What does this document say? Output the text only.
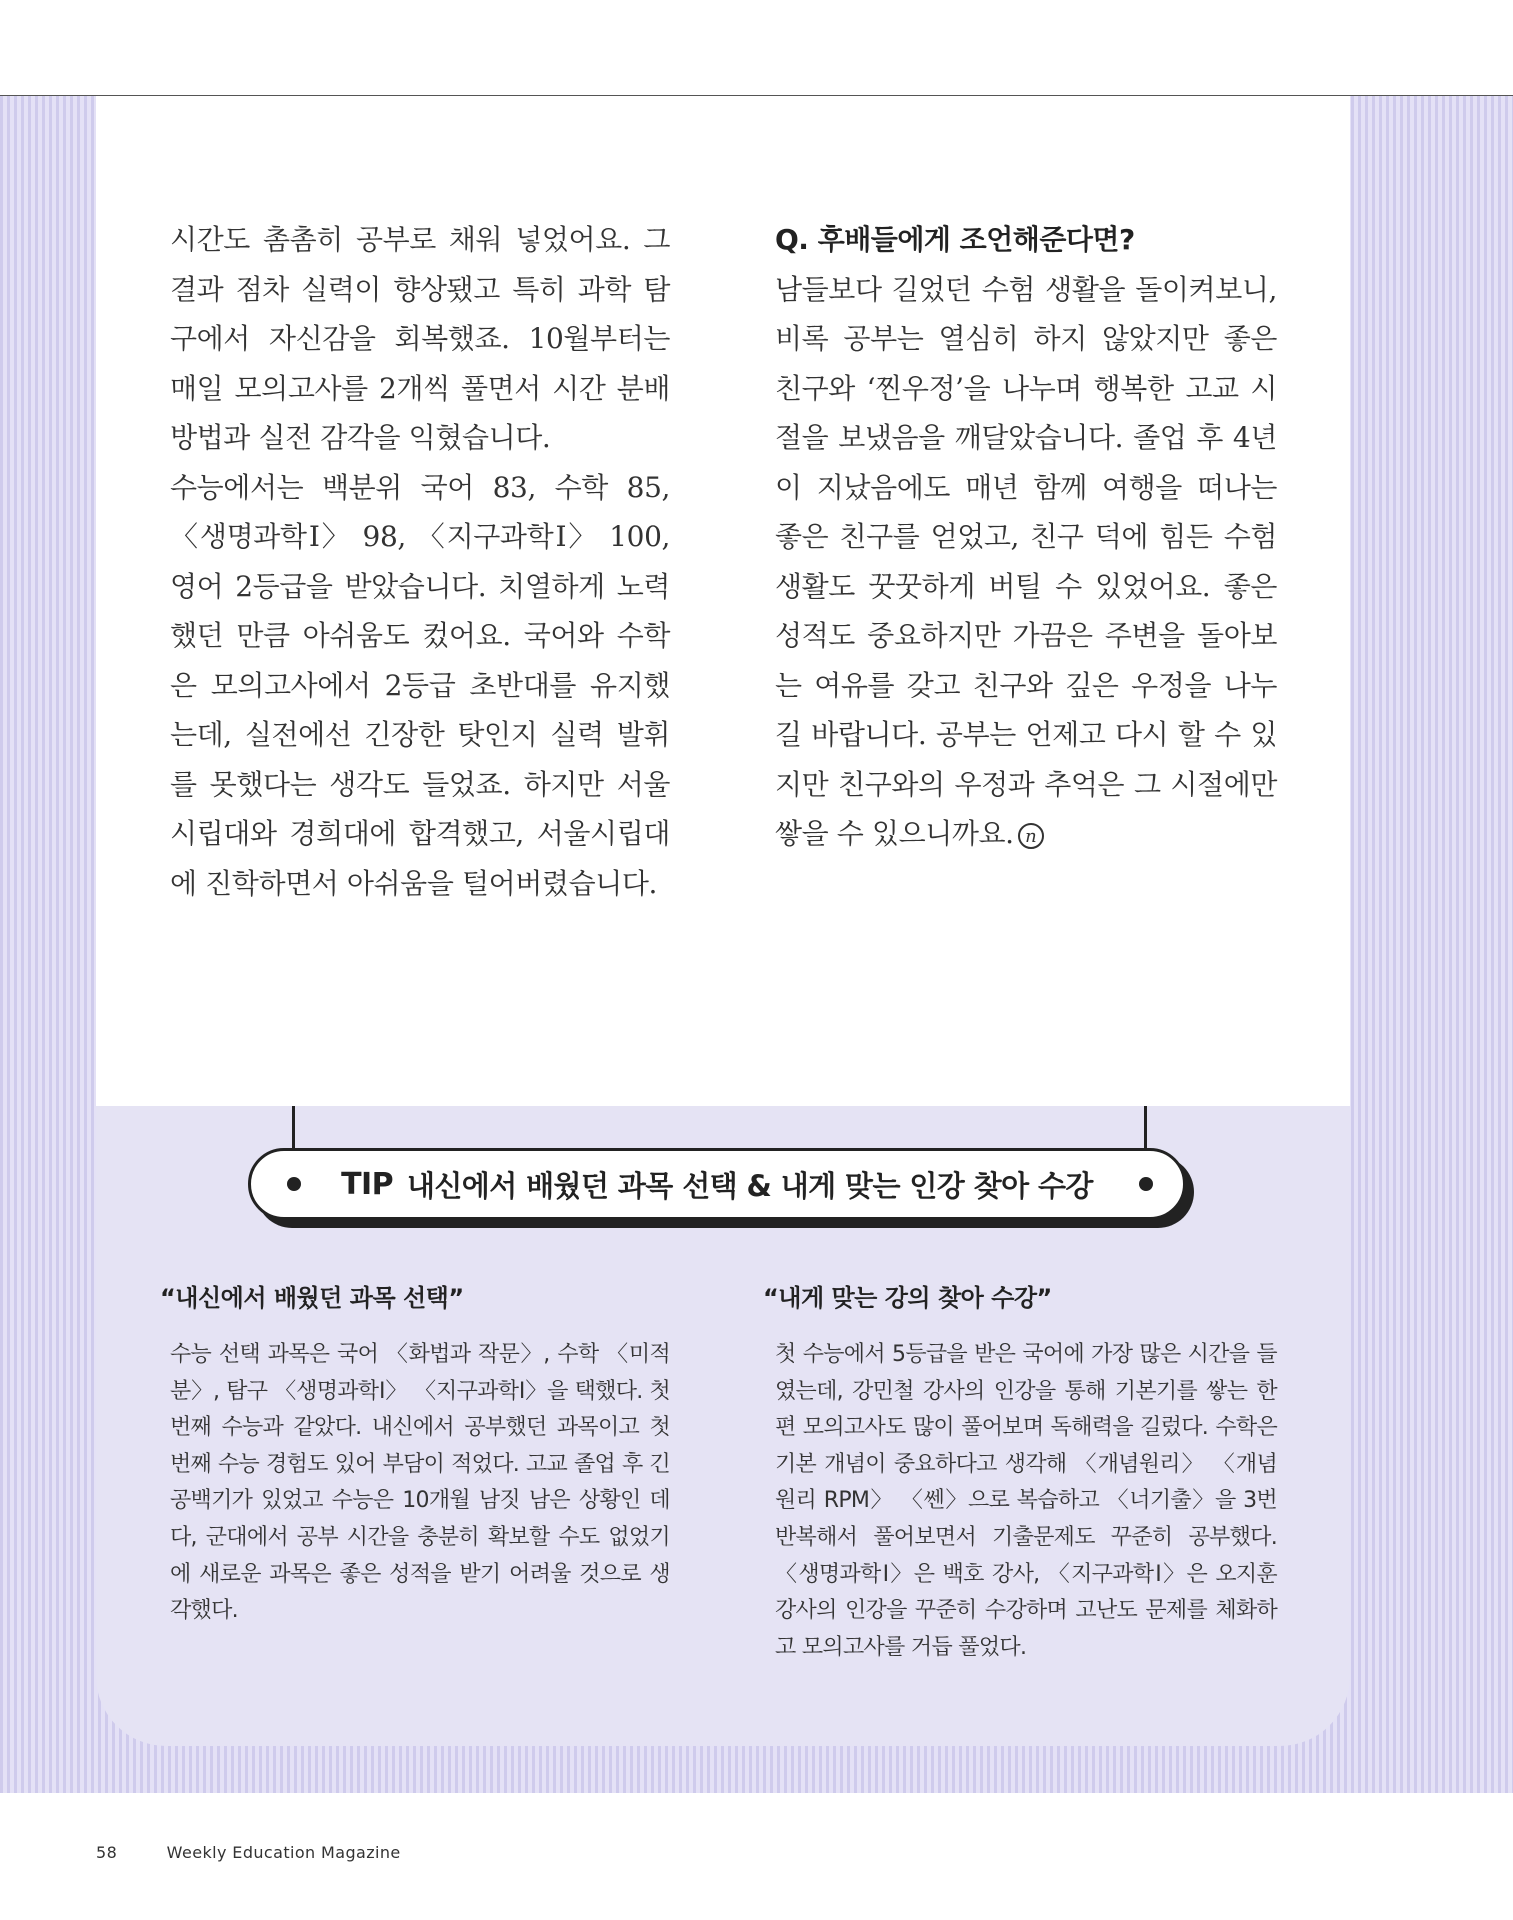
시간도 촘촘히 공부로 채워 넣었어요. 그 결과 점차 실력이 향상됐고 특히 과학 탐구에서 자신감을 회복했죠. 10월부터는 매일 모의고사를 2개씩 풀면서 시간 분배 방법과 실전 감각을 익혔습니다.

수능에서는 백분위 국어 83, 수학 85, 〈생명과학Ⅰ〉 98, 〈지구과학Ⅰ〉 100, 영어 2등급을 받았습니다. 치열하게 노력했던 만큼 아쉬움도 컸어요. 국어와 수학은 모의고사에서 2등급 초반대를 유지했는데, 실전에선 긴장한 탓인지 실력 발휘를 못했다는 생각도 들었죠. 하지만 서울시립대와 경희대에 합격했고, 서울시립대에 진학하면서 아쉬움을 털어버렸습니다.

Q. 후배들에게 조언해준다면?

남들보다 길었던 수험 생활을 돌이켜보니, 비록 공부는 열심히 하지 않았지만 좋은 친구와 ‘찐우정’을 나누며 행복한 고교 시절을 보냈음을 깨달았습니다. 졸업 후 4년이 지났음에도 매년 함께 여행을 떠나는 좋은 친구를 얻었고, 친구 덕에 힘든 수험 생활도 꿋꿋하게 버틸 수 있었어요. 좋은 성적도 중요하지만 가끔은 주변을 돌아보는 여유를 갖고 친구와 깊은 우정을 나누길 바랍니다. 공부는 언제고 다시 할 수 있지만 친구와의 우정과 추억은 그 시절에만 쌓을 수 있으니까요. n

TIP 내신에서 배웠던 과목 선택 & 내게 맞는 인강 찾아 수강
“내신에서 배웠던 과목 선택”

수능 선택 과목은 국어 〈화법과 작문〉, 수학 〈미적분〉, 탐구 〈생명과학Ⅰ〉 〈지구과학Ⅰ〉을 택했다. 첫 번째 수능과 같았다. 내신에서 공부했던 과목이고 첫 번째 수능 경험도 있어 부담이 적었다. 고교 졸업 후 긴 공백기가 있었고 수능은 10개월 남짓 남은 상황인 데다, 군대에서 공부 시간을 충분히 확보할 수도 없었기에 새로운 과목은 좋은 성적을 받기 어려울 것으로 생각했다.

“내게 맞는 강의 찾아 수강”

첫 수능에서 5등급을 받은 국어에 가장 많은 시간을 들였는데, 강민철 강사의 인강을 통해 기본기를 쌓는 한편 모의고사도 많이 풀어보며 독해력을 길렀다. 수학은 기본 개념이 중요하다고 생각해 〈개념원리〉 〈개념원리 RPM〉 〈쎈〉으로 복습하고 〈너기출〉을 3번 반복해서 풀어보면서 기출문제도 꾸준히 공부했다. 〈생명과학Ⅰ〉은 백호 강사, 〈지구과학Ⅰ〉은 오지훈 강사의 인강을 꾸준히 수강하며 고난도 문제를 체화하고 모의고사를 거듭 풀었다.

58	Weekly Education Magazine
